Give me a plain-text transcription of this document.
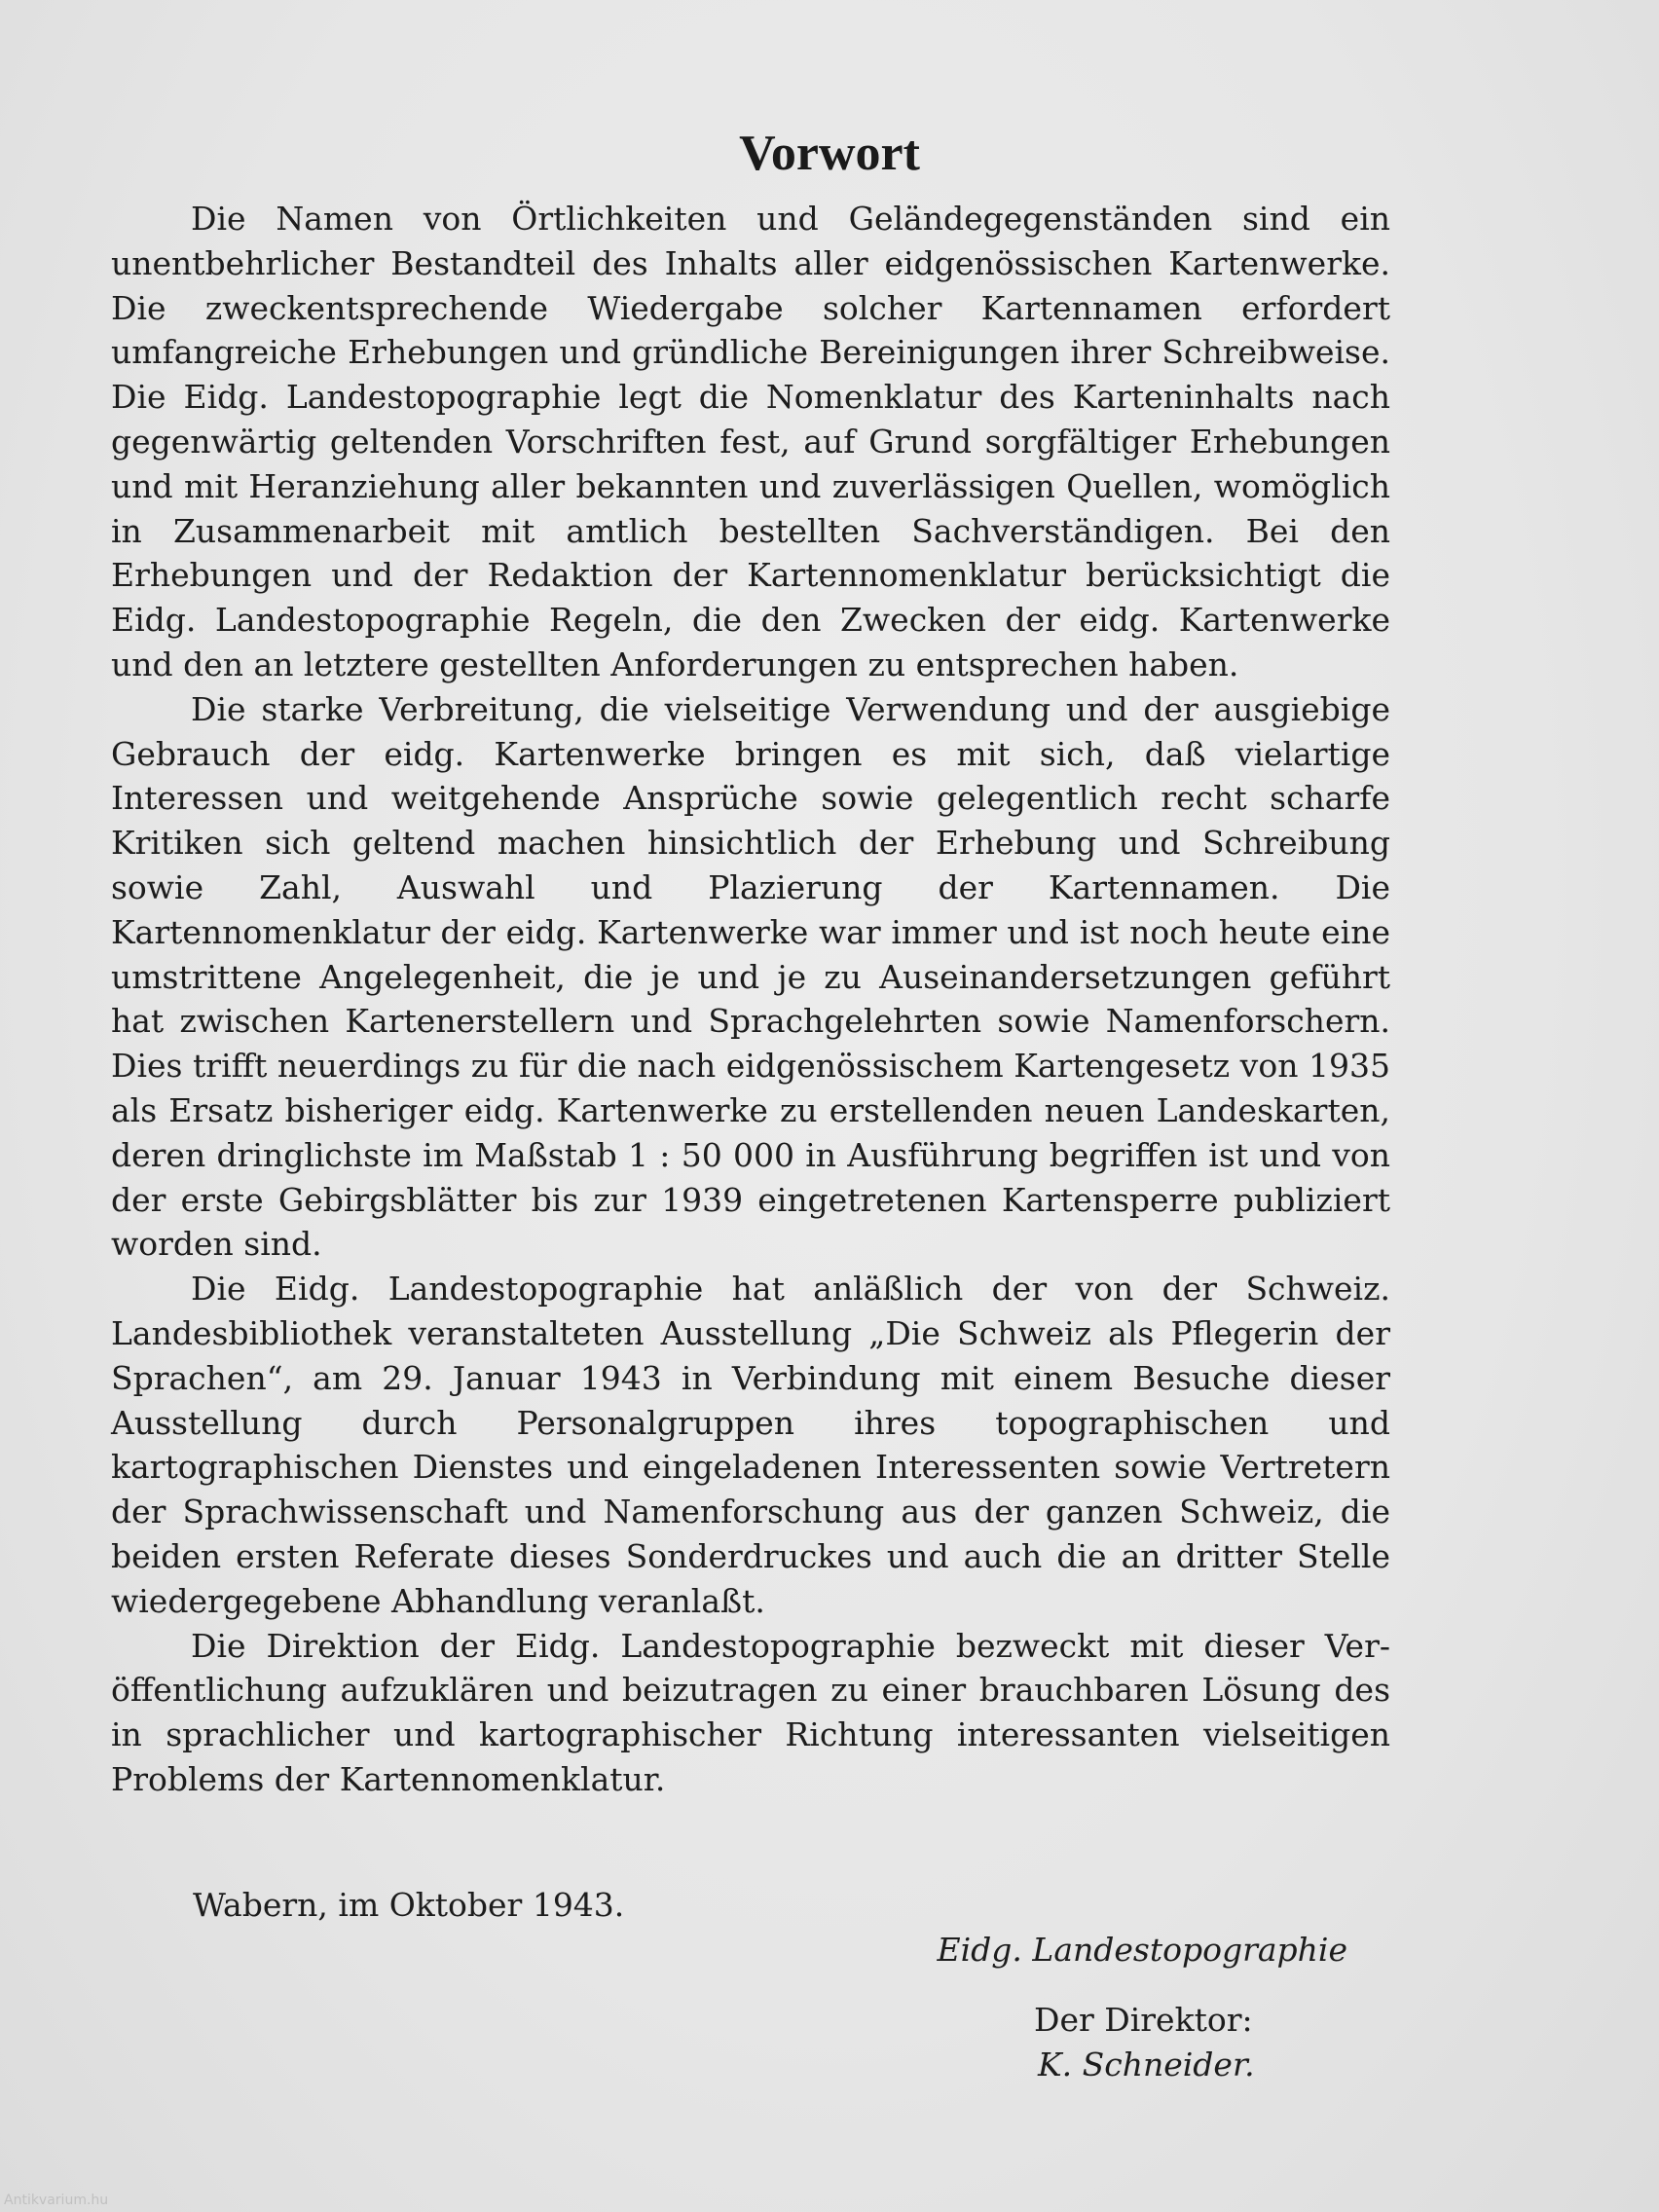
Vorwort

Die Namen von Örtlichkeiten und Geländegegenständen sind ein unentbehrlicher Bestandteil des Inhalts aller eidgenössischen Kartenwerke. Die zweckentsprechende Wiedergabe solcher Kartennamen erfordert umfangreiche Erhebungen und gründliche Bereinigungen ihrer Schreibweise. Die Eidg. Landestopographie legt die Nomenklatur des Karteninhalts nach gegenwärtig geltenden Vorschriften fest, auf Grund sorgfältiger Erhebungen und mit Heranziehung aller bekannten und zuverlässigen Quellen, womöglich in Zusammenarbeit mit amtlich bestellten Sachverständigen. Bei den Erhebungen und der Redaktion der Kartennomenklatur berücksichtigt die Eidg. Landestopographie Regeln, die den Zwecken der eidg. Kartenwerke und den an letztere gestellten Anforderungen zu entsprechen haben.

Die starke Verbreitung, die vielseitige Verwendung und der ausgiebige Gebrauch der eidg. Kartenwerke bringen es mit sich, daß vielartige Interessen und weitgehende Ansprüche sowie gelegentlich recht scharfe Kritiken sich geltend machen hinsichtlich der Erhebung und Schreibung sowie Zahl, Auswahl und Plazierung der Kartennamen. Die Kartennomenklatur der eidg. Kartenwerke war immer und ist noch heute eine umstrittene Angelegenheit, die je und je zu Auseinandersetzungen geführt hat zwischen Kartenerstellern und Sprachgelehrten sowie Namenforschern. Dies trifft neuerdings zu für die nach eidgenössischem Kartengesetz von 1935 als Ersatz bisheriger eidg. Kartenwerke zu erstellenden neuen Landeskarten, deren dringlichste im Maßstab 1 : 50 000 in Ausführung begriffen ist und von der erste Gebirgsblätter bis zur 1939 eingetretenen Kartensperre publiziert worden sind.

Die Eidg. Landestopographie hat anläßlich der von der Schweiz. Landesbibliothek veranstalteten Ausstellung „Die Schweiz als Pflegerin der Sprachen“, am 29. Januar 1943 in Verbindung mit einem Besuche dieser Ausstellung durch Personalgruppen ihres topographischen und kartographischen Dienstes und eingeladenen Interessenten sowie Vertretern der Sprachwissenschaft und Namenforschung aus der ganzen Schweiz, die beiden ersten Referate dieses Sonderdruckes und auch die an dritter Stelle wiedergegebene Abhandlung veranlaßt.

Die Direktion der Eidg. Landestopographie bezweckt mit dieser Veröffentlichung aufzuklären und beizutragen zu einer brauchbaren Lösung des in sprachlicher und kartographischer Richtung interessanten vielseitigen Problems der Kartennomenklatur.

Wabern, im Oktober 1943.
Eidg. Landestopographie
Der Direktor:
K. Schneider.
Antikvarium.hu
